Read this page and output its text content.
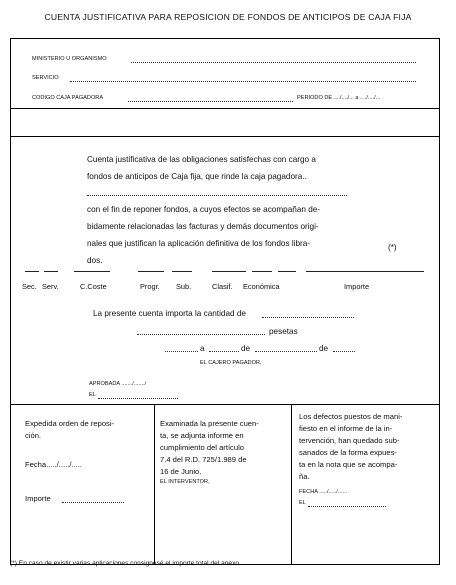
CUENTA JUSTIFICATIVA PARA REPOSICION DE FONDOS DE ANTICIPOS DE CAJA FIJA
MINISTERIO U ORGANISMO
SERVICIO
CODIGO CAJA PAGADORA	PERIODO DE ..../..../... a ..../..../...
Cuenta justificativa de las obligaciones satisfechas con cargo a
fondos de anticipos de Caja fija, que rinde la caja pagadora..
con el fin de reponer fondos, a cuyos efectos se acompañan de-
bidamente relacionadas las facturas y demás documentos origi-
nales que justifican la aplicación definitiva de los fondos libra-
dos.
(*)
Sec. Serv.	C.Coste	Progr. Sub.	Clasif. Económica	Importe
La presente cuenta importa la cantidad de
pesetas
a	de	de
EL CAJERO PAGADOR,
APROBADA ......./......./
EL
Expedida orden de reposi-
ción.
Fecha...../...../.....
Importe
Examinada la presente cuen-
ta, se adjunta informe en
cumplimiento del artículo
7.4 del R.D. 725/1.989 de
16 de Junio.
EL INTERVENTOR,
Los defectos puestos de mani-
fiesto en el informe de la in-
tervención, han quedado sub-
sanados de la forma expues-
ta en la nota que se acompa-
ña.
FECHA ...../...../......
EL
(*) En caso de existir varias aplicaciones consignesé el importe total del anexo.
